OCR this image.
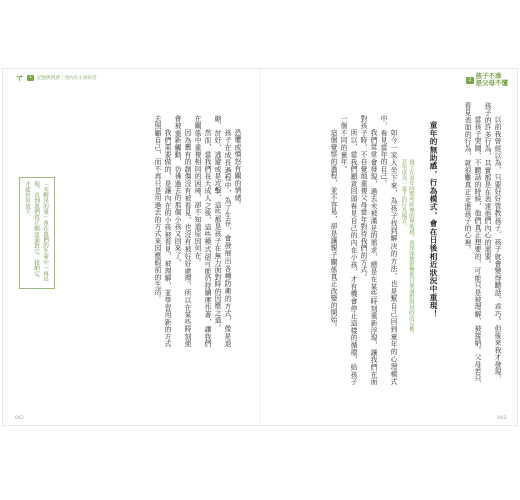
1	記憶與情感｜我內在小孩的苦

恐懼或憤怒有關的情緒。

孩子在成長過程中，為了生存，會發展出各種防衛的方式，像是退縮、討好、逃避或是攻擊，這些都是孩子在無力面對時的因應之道。

然而，當我們長大成人之後，這些模式卻可能仍持續運作著，讓我們在關係中重複相同的困境，卻不知道原因何在。

因為舊有的創傷沒有被看見，也沒有被好好處理，所以在某些時刻便會被重新觸動，彷彿過去的那個小孩又回來了。

我們需要做的，是讓內在的小孩被看見、被理解，並學習用新的方式去照顧自己，而不再只是用過去的方式來因應眼前的生活。

「未解決的事」會在我們的生命中一再出現，直到我們真正願意面對它、接納它，才能好好放下。
042
2 孩子不乖
是父母不懂

以前我曾經以為，只要好好管教孩子，孩子就會變得聽話、乖巧。但後來我才發現，孩子的許多行為，其實都是在表達他們內心的需要。

當孩子哭鬧、不聽話的時候，他們真正想要的，可能只是被理解、被接納。父母若只看見表面的行為，就很難真正走進孩子的心裡。

童年的無助感，行為模式，會在日後相近狀況中重現！
孩子在童年時期所經歷的無助感，會深深地影響他日後面對困境時的反應，甚至成為一輩子的行為模式。

如今一家人坐下來，為孩子找到解決的方法，也是幫自己回到童年的心理模式中，看見當年的自己。

我們常常會發現，過去未被滿足的需求，總是在某些時刻重新浮現，讓我們在面對孩子時，不自覺地重複父母當年對待我們的方式。

所以，當我們願意回頭看見自己的內在小孩，才有機會停止這樣的循環，給孩子一個不同的童年。

這個覺察的過程，並不容易，卻是讓親子關係真正改變的開始。

043
